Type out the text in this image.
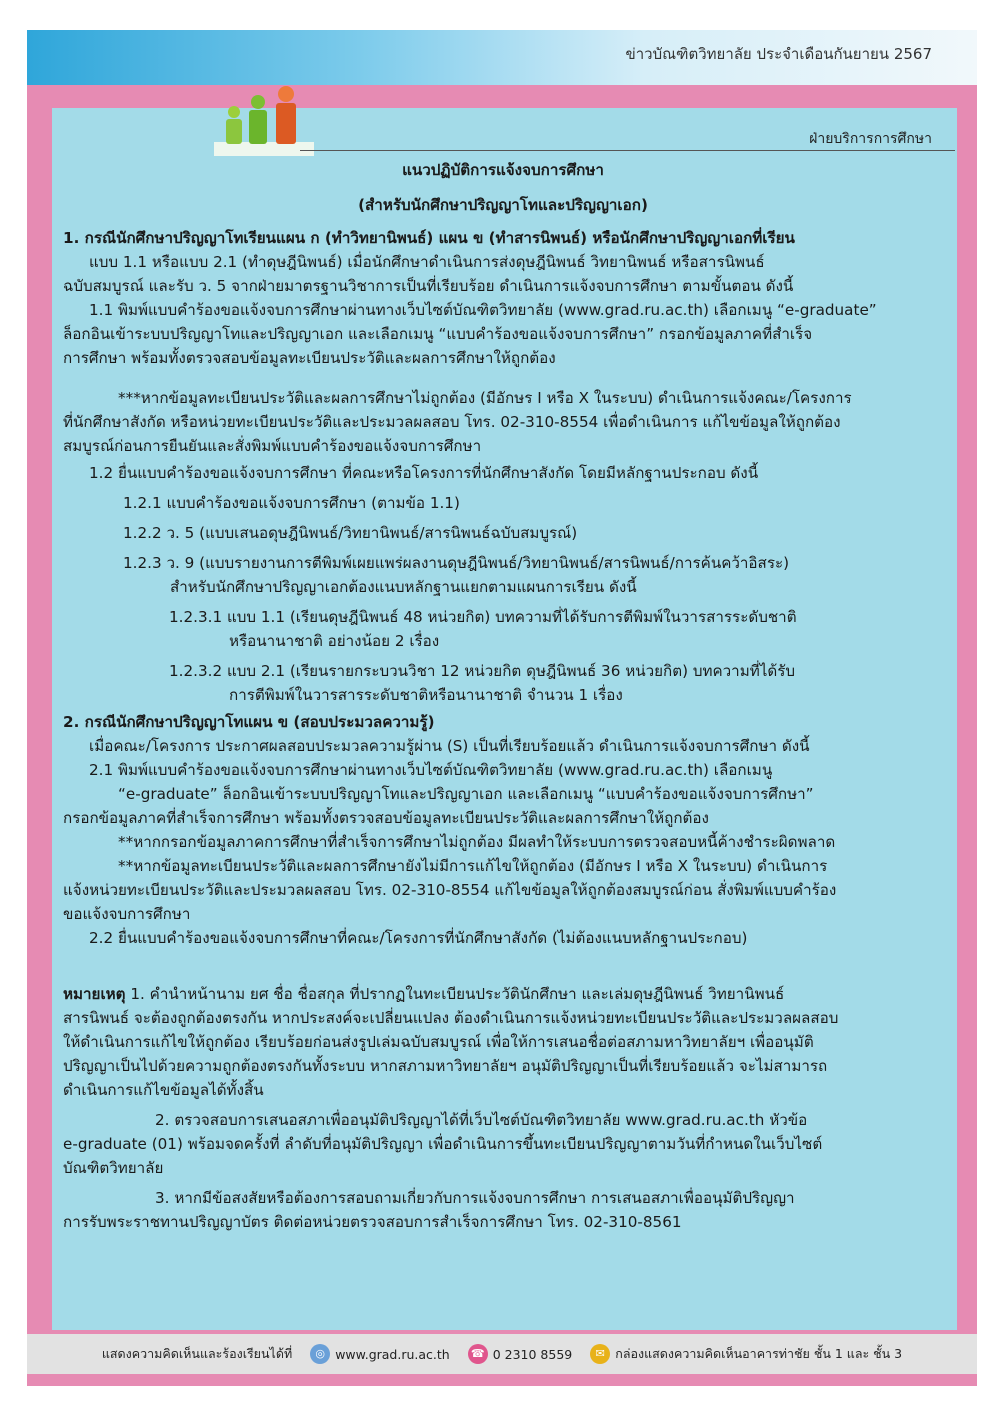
ข่าวบัณฑิตวิทยาลัย ประจำเดือนกันยายน 2567
ฝ่ายบริการการศึกษา

แนวปฏิบัติการแจ้งจบการศึกษา

(สำหรับนักศึกษาปริญญาโทและปริญญาเอก)

1. กรณีนักศึกษาปริญญาโทเรียนแผน ก (ทำวิทยานิพนธ์) แผน ข (ทำสารนิพนธ์) หรือนักศึกษาปริญญาเอกที่เรียน

แบบ 1.1 หรือแบบ 2.1 (ทำดุษฎีนิพนธ์) เมื่อนักศึกษาดำเนินการส่งดุษฎีนิพนธ์ วิทยานิพนธ์ หรือสารนิพนธ์

ฉบับสมบูรณ์ และรับ ว. 5 จากฝ่ายมาตรฐานวิชาการเป็นที่เรียบร้อย ดำเนินการแจ้งจบการศึกษา ตามขั้นตอน ดังนี้

1.1 พิมพ์แบบคำร้องขอแจ้งจบการศึกษาผ่านทางเว็บไซต์บัณฑิตวิทยาลัย (www.grad.ru.ac.th) เลือกเมนู “e-graduate”

ล็อกอินเข้าระบบปริญญาโทและปริญญาเอก และเลือกเมนู “แบบคำร้องขอแจ้งจบการศึกษา” กรอกข้อมูลภาคที่สำเร็จ

การศึกษา พร้อมทั้งตรวจสอบข้อมูลทะเบียนประวัติและผลการศึกษาให้ถูกต้อง

***หากข้อมูลทะเบียนประวัติและผลการศึกษาไม่ถูกต้อง (มีอักษร I หรือ X ในระบบ) ดำเนินการแจ้งคณะ/โครงการ

ที่นักศึกษาสังกัด หรือหน่วยทะเบียนประวัติและประมวลผลสอบ โทร. 02-310-8554 เพื่อดำเนินการ แก้ไขข้อมูลให้ถูกต้อง

สมบูรณ์ก่อนการยืนยันและสั่งพิมพ์แบบคำร้องขอแจ้งจบการศึกษา

1.2 ยื่นแบบคำร้องขอแจ้งจบการศึกษา ที่คณะหรือโครงการที่นักศึกษาสังกัด โดยมีหลักฐานประกอบ ดังนี้

1.2.1 แบบคำร้องขอแจ้งจบการศึกษา (ตามข้อ 1.1)

1.2.2 ว. 5 (แบบเสนอดุษฎีนิพนธ์/วิทยานิพนธ์/สารนิพนธ์ฉบับสมบูรณ์)

1.2.3 ว. 9 (แบบรายงานการตีพิมพ์เผยแพร่ผลงานดุษฎีนิพนธ์/วิทยานิพนธ์/สารนิพนธ์/การค้นคว้าอิสระ)

สำหรับนักศึกษาปริญญาเอกต้องแนบหลักฐานแยกตามแผนการเรียน ดังนี้

1.2.3.1 แบบ 1.1 (เรียนดุษฎีนิพนธ์ 48 หน่วยกิต) บทความที่ได้รับการตีพิมพ์ในวารสารระดับชาติ

หรือนานาชาติ อย่างน้อย 2 เรื่อง

1.2.3.2 แบบ 2.1 (เรียนรายกระบวนวิชา 12 หน่วยกิต ดุษฎีนิพนธ์ 36 หน่วยกิต) บทความที่ได้รับ

การตีพิมพ์ในวารสารระดับชาติหรือนานาชาติ จำนวน 1 เรื่อง

2. กรณีนักศึกษาปริญญาโทแผน ข (สอบประมวลความรู้)

เมื่อคณะ/โครงการ ประกาศผลสอบประมวลความรู้ผ่าน (S) เป็นที่เรียบร้อยแล้ว ดำเนินการแจ้งจบการศึกษา ดังนี้

2.1 พิมพ์แบบคำร้องขอแจ้งจบการศึกษาผ่านทางเว็บไซต์บัณฑิตวิทยาลัย (www.grad.ru.ac.th) เลือกเมนู

“e-graduate” ล็อกอินเข้าระบบปริญญาโทและปริญญาเอก และเลือกเมนู “แบบคำร้องขอแจ้งจบการศึกษา”

กรอกข้อมูลภาคที่สำเร็จการศึกษา พร้อมทั้งตรวจสอบข้อมูลทะเบียนประวัติและผลการศึกษาให้ถูกต้อง

**หากกรอกข้อมูลภาคการศึกษาที่สำเร็จการศึกษาไม่ถูกต้อง มีผลทำให้ระบบการตรวจสอบหนี้ค้างชำระผิดพลาด

**หากข้อมูลทะเบียนประวัติและผลการศึกษายังไม่มีการแก้ไขให้ถูกต้อง (มีอักษร I หรือ X ในระบบ) ดำเนินการ

แจ้งหน่วยทะเบียนประวัติและประมวลผลสอบ โทร. 02-310-8554 แก้ไขข้อมูลให้ถูกต้องสมบูรณ์ก่อน สั่งพิมพ์แบบคำร้อง

ขอแจ้งจบการศึกษา

2.2 ยื่นแบบคำร้องขอแจ้งจบการศึกษาที่คณะ/โครงการที่นักศึกษาสังกัด (ไม่ต้องแนบหลักฐานประกอบ)

หมายเหตุ 1. คำนำหน้านาม ยศ ชื่อ ชื่อสกุล ที่ปรากฏในทะเบียนประวัตินักศึกษา และเล่มดุษฎีนิพนธ์ วิทยานิพนธ์

สารนิพนธ์ จะต้องถูกต้องตรงกัน หากประสงค์จะเปลี่ยนแปลง ต้องดำเนินการแจ้งหน่วยทะเบียนประวัติและประมวลผลสอบ

ให้ดำเนินการแก้ไขให้ถูกต้อง เรียบร้อยก่อนส่งรูปเล่มฉบับสมบูรณ์ เพื่อให้การเสนอชื่อต่อสภามหาวิทยาลัยฯ เพื่ออนุมัติ

ปริญญาเป็นไปด้วยความถูกต้องตรงกันทั้งระบบ หากสภามหาวิทยาลัยฯ อนุมัติปริญญาเป็นที่เรียบร้อยแล้ว จะไม่สามารถ

ดำเนินการแก้ไขข้อมูลได้ทั้งสิ้น

2. ตรวจสอบการเสนอสภาเพื่ออนุมัติปริญญาได้ที่เว็บไซต์บัณฑิตวิทยาลัย www.grad.ru.ac.th หัวข้อ

e-graduate (01) พร้อมจดครั้งที่ ลำดับที่อนุมัติปริญญา เพื่อดำเนินการขึ้นทะเบียนปริญญาตามวันที่กำหนดในเว็บไซต์

บัณฑิตวิทยาลัย

3. หากมีข้อสงสัยหรือต้องการสอบถามเกี่ยวกับการแจ้งจบการศึกษา การเสนอสภาเพื่ออนุมัติปริญญา

การรับพระราชทานปริญญาบัตร ติดต่อหน่วยตรวจสอบการสำเร็จการศึกษา โทร. 02-310-8561

แสดงความคิดเห็นและร้องเรียนได้ที่	◎ www.grad.ru.ac.th ☎ 0 2310 8559	✉ กล่องแสดงความคิดเห็นอาคารท่าชัย ชั้น 1 และ ชั้น 3
